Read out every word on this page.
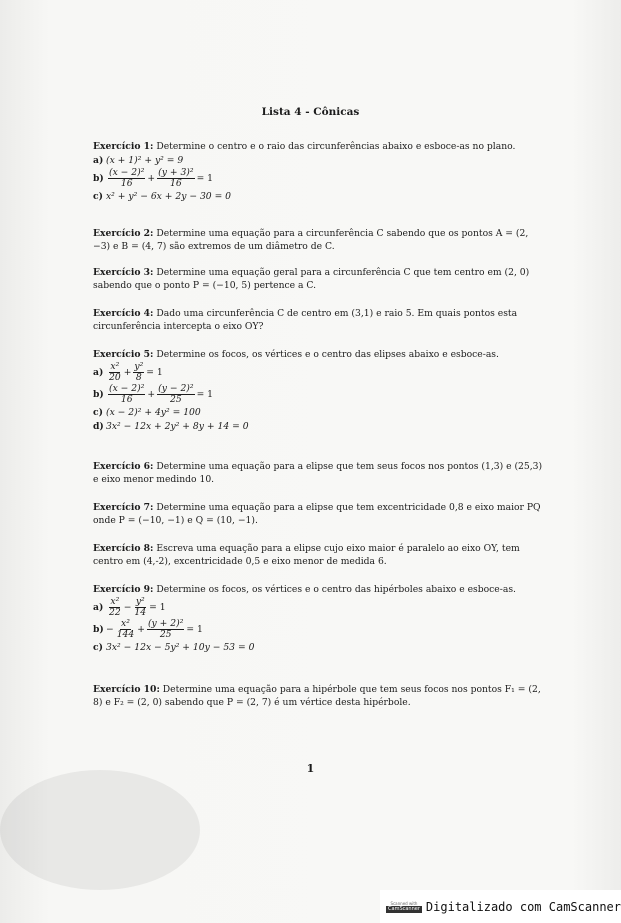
Lista 4 - Cônicas

Exercício 1: Determine o centro e o raio das circunferências abaixo e esboce-as no plano.

a) (x + 1)² + y² = 9
$b) \frac{\text{(x − 2)²}}{16} + \frac{\text{(y + 3)²}}{16} = 1$
c) x² + y² − 6x + 2y − 30 = 0

Exercício 2: Determine uma equação para a circunferência C sabendo que os pontos A = (2, −3) e B = (4, 7) são extremos de um diâmetro de C.

Exercício 3: Determine uma equação geral para a circunferência C que tem centro em (2, 0) sabendo que o ponto P = (−10, 5) pertence a C.

Exercício 4: Dado uma circunferência C de centro em (3,1) e raio 5. Em quais pontos esta circunferência intercepta o eixo OY?

Exercício 5: Determine os focos, os vértices e o centro das elipses abaixo e esboce-as.

$a) \frac{\text{x²}}{20} + \frac{\text{y²}}{8} = 1$
$b) \frac{\text{(x − 2)²}}{16} + \frac{\text{(y − 2)²}}{25} = 1$
c) (x − 2)² + 4y² = 100
d) 3x² − 12x + 2y² + 8y + 14 = 0

Exercício 6: Determine uma equação para a elipse que tem seus focos nos pontos (1,3) e (25,3) e eixo menor medindo 10.

Exercício 7: Determine uma equação para a elipse que tem excentricidade 0,8 e eixo maior PQ onde P = (−10, −1) e Q = (10, −1).

Exercício 8: Escreva uma equação para a elipse cujo eixo maior é paralelo ao eixo OY, tem centro em (4,-2), excentricidade 0,5 e eixo menor de medida 6.

Exercício 9: Determine os focos, os vértices e o centro das hipérboles abaixo e esboce-as.

$a) \frac{\text{x²}}{22} - \frac{\text{y²}}{14} = 1$
$b) - \frac{\text{x²}}{144} + \frac{\text{(y + 2)²}}{25} = 1$
c) 3x² − 12x − 5y² + 10y − 53 = 0

Exercício 10: Determine uma equação para a hipérbole que tem seus focos nos pontos F₁ = (2, 8) e F₂ = (2, 0) sabendo que P = (2, 7) é um vértice desta hipérbole.

1
Scanned with
CamScanner Digitalizado com CamScanner
